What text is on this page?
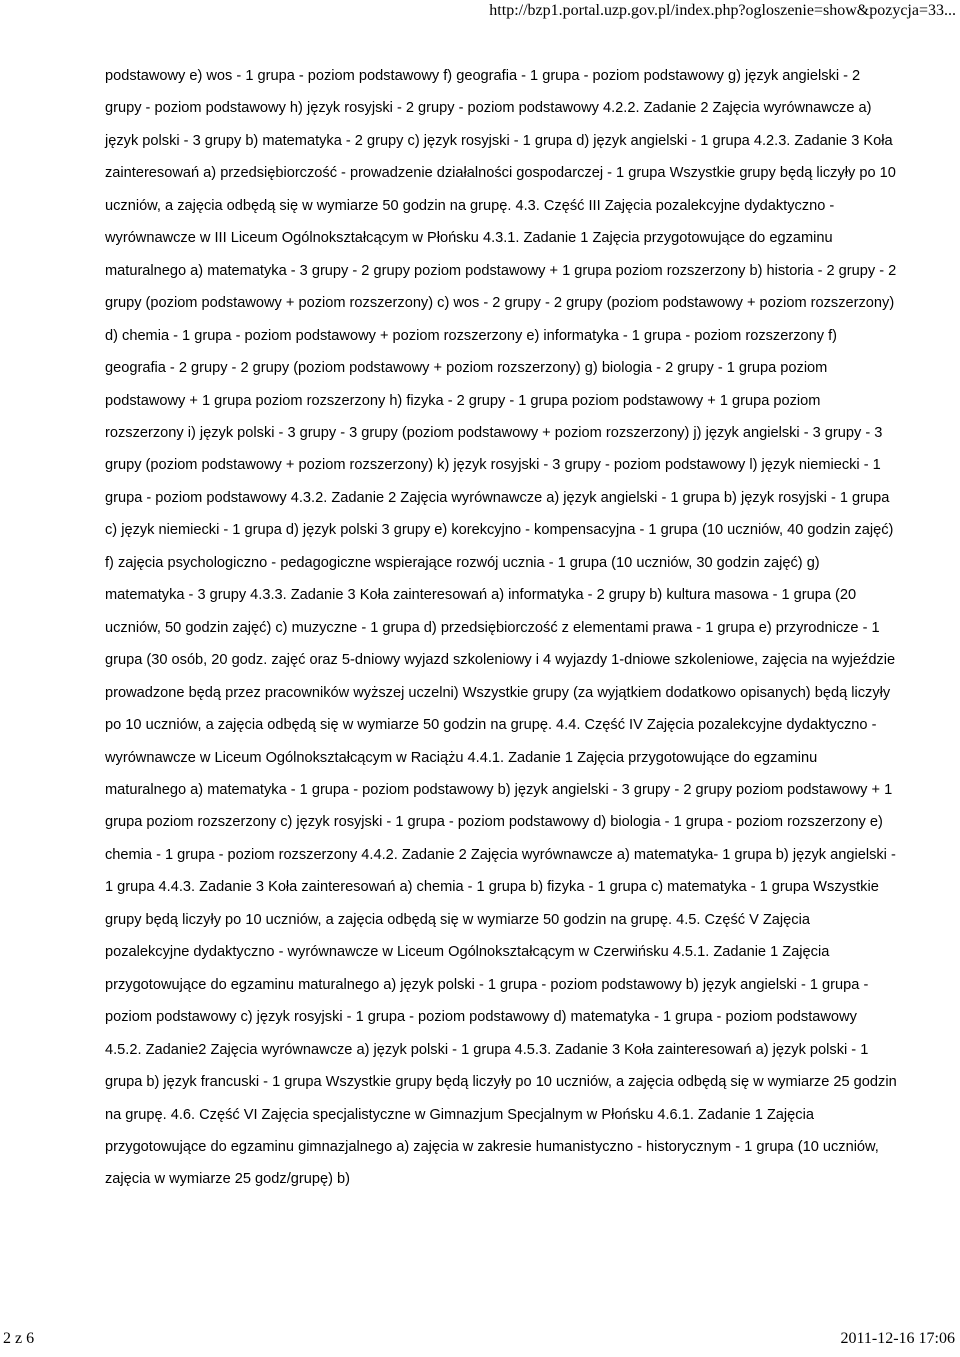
http://bzp1.portal.uzp.gov.pl/index.php?ogloszenie=show&pozycja=33...

podstawowy e) wos - 1 grupa - poziom podstawowy f) geografia - 1 grupa - poziom podstawowy g) język angielski - 2 grupy - poziom podstawowy h) język rosyjski - 2 grupy - poziom podstawowy 4.2.2. Zadanie 2 Zajęcia wyrównawcze a) język polski - 3 grupy b) matematyka - 2 grupy c) język rosyjski - 1 grupa d) język angielski - 1 grupa 4.2.3. Zadanie 3 Koła zainteresowań a) przedsiębiorczość - prowadzenie działalności gospodarczej - 1 grupa Wszystkie grupy będą liczyły po 10 uczniów, a zajęcia odbędą się w wymiarze 50 godzin na grupę. 4.3. Część III Zajęcia pozalekcyjne dydaktyczno - wyrównawcze w III Liceum Ogólnokształcącym w Płońsku 4.3.1. Zadanie 1 Zajęcia przygotowujące do egzaminu maturalnego a) matematyka - 3 grupy - 2 grupy poziom podstawowy + 1 grupa poziom rozszerzony b) historia - 2 grupy - 2 grupy (poziom podstawowy + poziom rozszerzony) c) wos - 2 grupy - 2 grupy (poziom podstawowy + poziom rozszerzony) d) chemia - 1 grupa - poziom podstawowy + poziom rozszerzony e) informatyka - 1 grupa - poziom rozszerzony f) geografia - 2 grupy - 2 grupy (poziom podstawowy + poziom rozszerzony) g) biologia - 2 grupy - 1 grupa poziom podstawowy + 1 grupa poziom rozszerzony h) fizyka - 2 grupy - 1 grupa poziom podstawowy + 1 grupa poziom rozszerzony i) język polski - 3 grupy - 3 grupy (poziom podstawowy + poziom rozszerzony) j) język angielski - 3 grupy - 3 grupy (poziom podstawowy + poziom rozszerzony) k) język rosyjski - 3 grupy - poziom podstawowy l) język niemiecki - 1 grupa - poziom podstawowy 4.3.2. Zadanie 2 Zajęcia wyrównawcze a) język angielski - 1 grupa b) język rosyjski - 1 grupa c) język niemiecki - 1 grupa d) język polski 3 grupy e) korekcyjno - kompensacyjna - 1 grupa (10 uczniów, 40 godzin zajęć) f) zajęcia psychologiczno - pedagogiczne wspierające rozwój ucznia - 1 grupa (10 uczniów, 30 godzin zajęć) g) matematyka - 3 grupy 4.3.3. Zadanie 3 Koła zainteresowań a) informatyka - 2 grupy b) kultura masowa - 1 grupa (20 uczniów, 50 godzin zajęć) c) muzyczne - 1 grupa d) przedsiębiorczość z elementami prawa - 1 grupa e) przyrodnicze - 1 grupa (30 osób, 20 godz. zajęć oraz 5-dniowy wyjazd szkoleniowy i 4 wyjazdy 1-dniowe szkoleniowe, zajęcia na wyjeździe prowadzone będą przez pracowników wyższej uczelni) Wszystkie grupy (za wyjątkiem dodatkowo opisanych) będą liczyły po 10 uczniów, a zajęcia odbędą się w wymiarze 50 godzin na grupę. 4.4. Część IV Zajęcia pozalekcyjne dydaktyczno - wyrównawcze w Liceum Ogólnokształcącym w Raciążu 4.4.1. Zadanie 1 Zajęcia przygotowujące do egzaminu maturalnego a) matematyka - 1 grupa - poziom podstawowy b) język angielski - 3 grupy - 2 grupy poziom podstawowy + 1 grupa poziom rozszerzony c) język rosyjski - 1 grupa - poziom podstawowy d) biologia - 1 grupa - poziom rozszerzony e) chemia - 1 grupa - poziom rozszerzony 4.4.2. Zadanie 2 Zajęcia wyrównawcze a) matematyka- 1 grupa b) język angielski - 1 grupa 4.4.3. Zadanie 3 Koła zainteresowań a) chemia - 1 grupa b) fizyka - 1 grupa c) matematyka - 1 grupa Wszystkie grupy będą liczyły po 10 uczniów, a zajęcia odbędą się w wymiarze 50 godzin na grupę. 4.5. Część V Zajęcia pozalekcyjne dydaktyczno - wyrównawcze w Liceum Ogólnokształcącym w Czerwińsku 4.5.1. Zadanie 1 Zajęcia przygotowujące do egzaminu maturalnego a) język polski - 1 grupa - poziom podstawowy b) język angielski - 1 grupa - poziom podstawowy c) język rosyjski - 1 grupa - poziom podstawowy d) matematyka - 1 grupa - poziom podstawowy 4.5.2. Zadanie2 Zajęcia wyrównawcze a) język polski - 1 grupa 4.5.3. Zadanie 3 Koła zainteresowań a) język polski - 1 grupa b) język francuski - 1 grupa Wszystkie grupy będą liczyły po 10 uczniów, a zajęcia odbędą się w wymiarze 25 godzin na grupę. 4.6. Część VI Zajęcia specjalistyczne w Gimnazjum Specjalnym w Płońsku 4.6.1. Zadanie 1 Zajęcia przygotowujące do egzaminu gimnazjalnego a) zajęcia w zakresie humanistyczno - historycznym - 1 grupa (10 uczniów, zajęcia w wymiarze 25 godz/grupę) b)

2 z 6	2011-12-16 17:06
